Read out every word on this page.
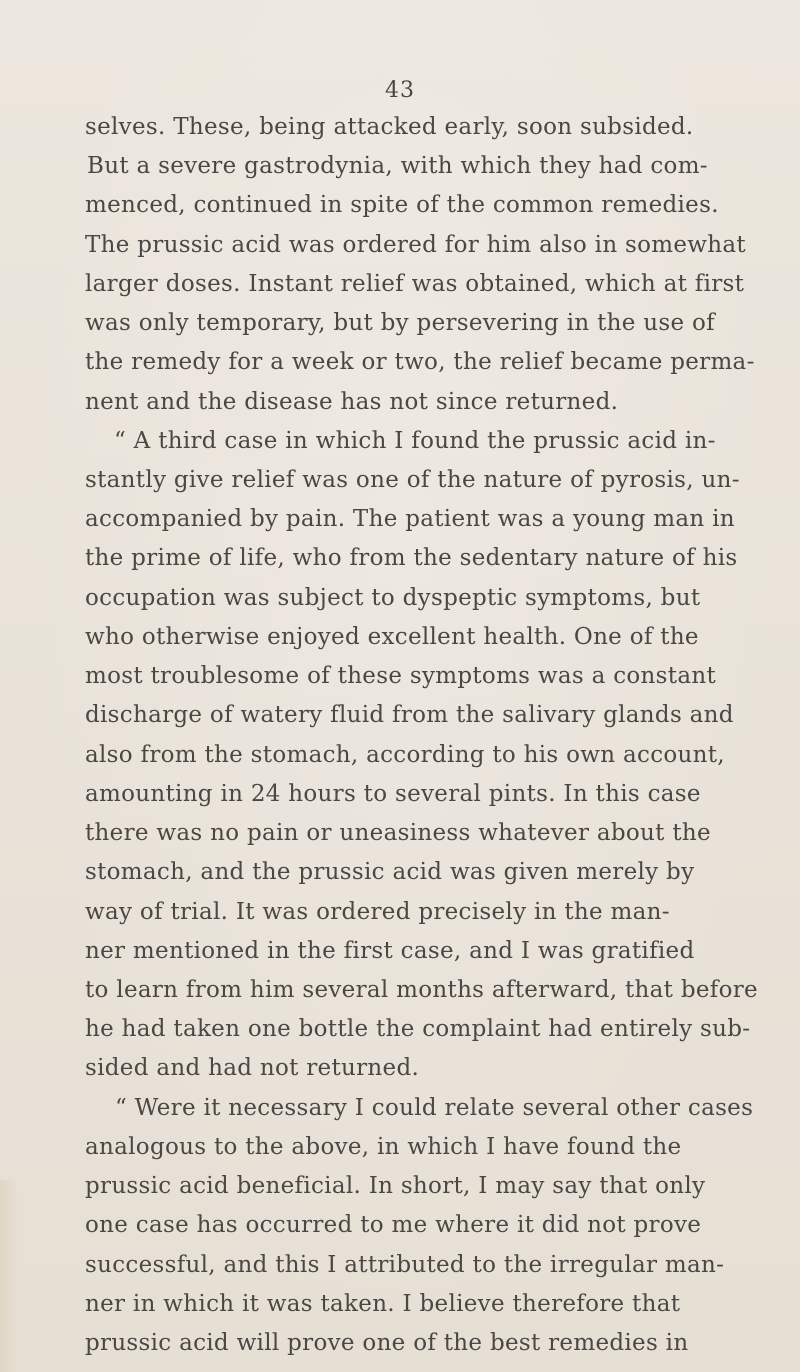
43
selves. These, being attacked early, soon subsided.
But a severe gastrodynia, with which they had com-
menced, continued in spite of the common remedies.
The prussic acid was ordered for him also in somewhat
larger doses. Instant relief was obtained, which at first
was only temporary, but by persevering in the use of
the remedy for a week or two, the relief became perma-
nent and the disease has not since returned.
“ A third case in which I found the prussic acid in-
stantly give relief was one of the nature of pyrosis, un-
accompanied by pain. The patient was a young man in
the prime of life, who from the sedentary nature of his
occupation was subject to dyspeptic symptoms, but
who otherwise enjoyed excellent health. One of the
most troublesome of these symptoms was a constant
discharge of watery fluid from the salivary glands and
also from the stomach, according to his own account,
amounting in 24 hours to several pints. In this case
there was no pain or uneasiness whatever about the
stomach, and the prussic acid was given merely by
way of trial. It was ordered precisely in the man-
ner mentioned in the first case, and I was gratified
to learn from him several months afterward, that before
he had taken one bottle the complaint had entirely sub-
sided and had not returned.
“ Were it necessary I could relate several other cases
analogous to the above, in which I have found the
prussic acid beneficial. In short, I may say that only
one case has occurred to me where it did not prove
successful, and this I attributed to the irregular man-
ner in which it was taken. I believe therefore that
prussic acid will prove one of the best remedies in
